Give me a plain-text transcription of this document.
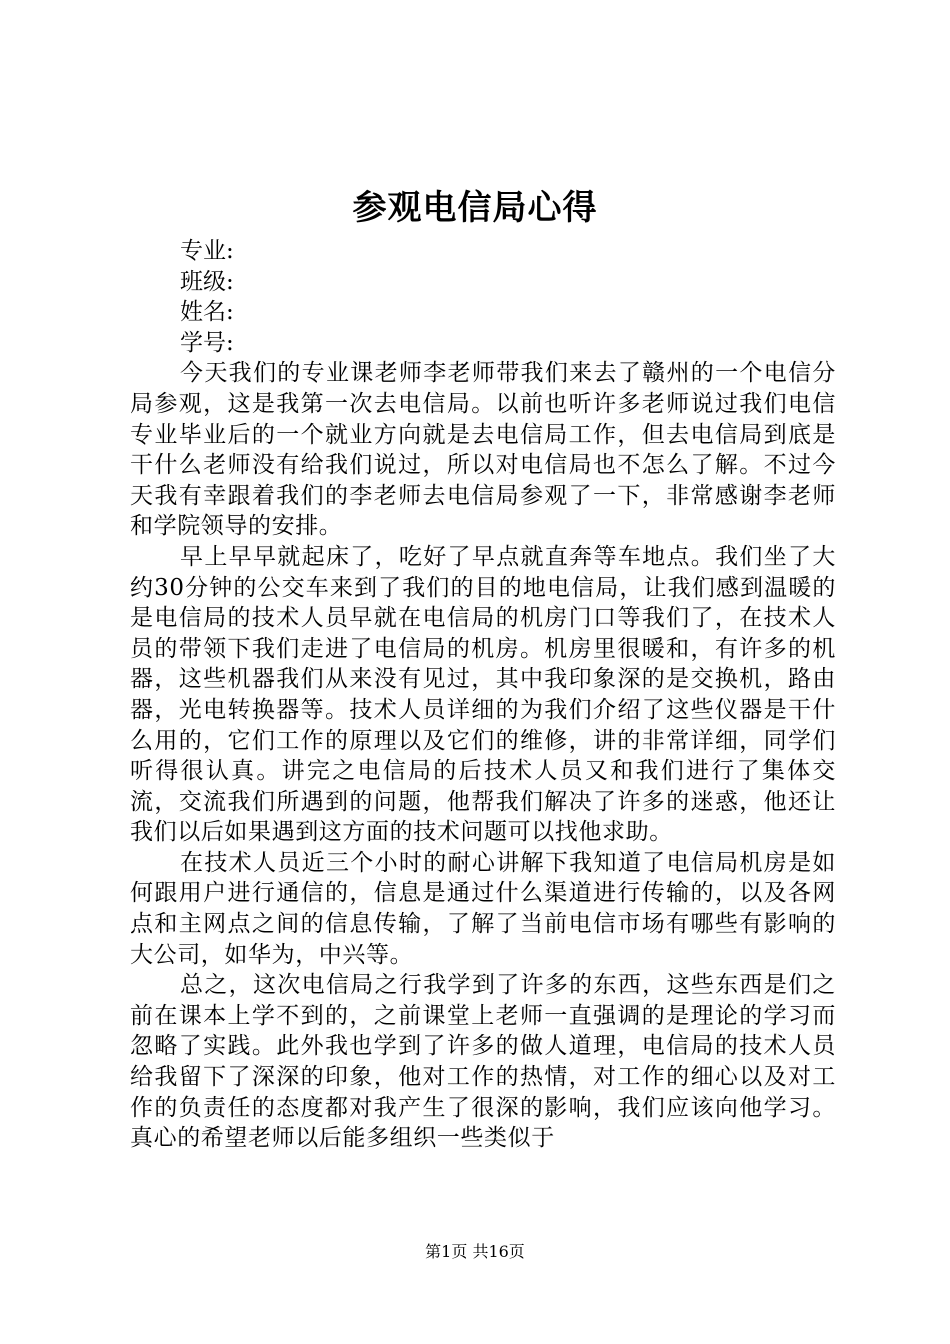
参观电信局心得

专业:

班级:

姓名:

学号:

今天我们的专业课老师李老师带我们来去了赣州的一个电信分局参观，这是我第一次去电信局。以前也听许多老师说过我们电信专业毕业后的一个就业方向就是去电信局工作，但去电信局到底是干什么老师没有给我们说过，所以对电信局也不怎么了解。不过今天我有幸跟着我们的李老师去电信局参观了一下，非常感谢李老师和学院领导的安排。

早上早早就起床了，吃好了早点就直奔等车地点。我们坐了大约30分钟的公交车来到了我们的目的地电信局，让我们感到温暖的是电信局的技术人员早就在电信局的机房门口等我们了，在技术人员的带领下我们走进了电信局的机房。机房里很暖和，有许多的机器，这些机器我们从来没有见过，其中我印象深的是交换机，路由器，光电转换器等。技术人员详细的为我们介绍了这些仪器是干什么用的，它们工作的原理以及它们的维修，讲的非常详细，同学们听得很认真。讲完之电信局的后技术人员又和我们进行了集体交流，交流我们所遇到的问题，他帮我们解决了许多的迷惑，他还让我们以后如果遇到这方面的技术问题可以找他求助。

在技术人员近三个小时的耐心讲解下我知道了电信局机房是如何跟用户进行通信的，信息是通过什么渠道进行传输的，以及各网点和主网点之间的信息传输，了解了当前电信市场有哪些有影响的大公司，如华为，中兴等。

总之，这次电信局之行我学到了许多的东西，这些东西是们之前在课本上学不到的，之前课堂上老师一直强调的是理论的学习而忽略了实践。此外我也学到了许多的做人道理，电信局的技术人员给我留下了深深的印象，他对工作的热情，对工作的细心以及对工作的负责任的态度都对我产生了很深的影响，我们应该向他学习。真心的希望老师以后能多组织一些类似于

第1页 共16页
